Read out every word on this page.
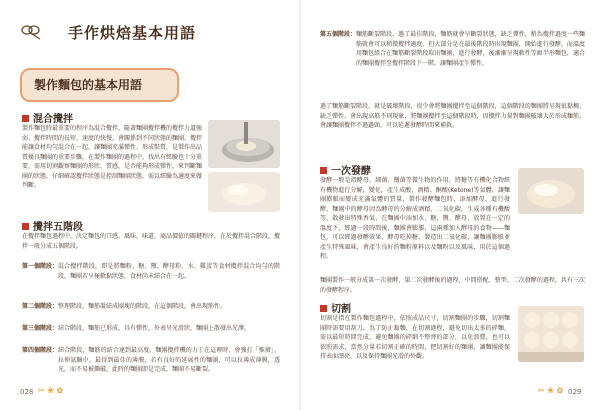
手作烘焙基本用語
製作麵包的基本用語
混合攪拌
製作麵包時最重要的程序為混合攪拌，隨著麵團攪拌機的攪拌力道強弱、攪拌時間的長短、速度的快慢，會關係到不同狀態的麵團。攪拌能讓食材均勻混合在一起，讓麵團充滿彈性、形成麩質，是製作出品質優良麵團的重要步驟，在製作麵團的過程中，找出有經驗也十分重要，需用切割觀察麵團的形狀、質感，是否能夠形成彈性，來判斷麵團的狀態，仔細確認攪拌狀態是控制麵團狀態，需以經驗為適度來做判斷。
攪拌五階段
在攪拌麵包過程中，決定麵包的口感、風味、味道，商品價值的關鍵程序，在於攪拌混合階段，攪拌一般分成五個階段。
第一個階段： 混合攪拌階段，即是將麵粉、糖、鹽、酵母粉、水、雞蛋等食材攪拌混合均勻的階段，麵團若呈極軟黏狀態，食材尚未結合在一起。
第二個階段： 整理階段，麵筋凝結成團塊的階段，在這個階段，會出現筋性。
第三個階段： 結合階段，麵筋已形成，具有彈性，外表呈光滑狀，麵團上散發出光澤。
第四個階段： 結合階段，麵筋的結合達到最高度，麵團攪拌機的力于在這裡時，會強打「推擠」，拉伸試驗中，最得到最佳的薄膜，若有良好的延展性的麵團，可以拉薄成薄膜，透光，而不易被撕破，此時的麵團即是完成，麵團不易斷裂。
028 ✂ ❀ ✿
第五個階段： 麵筋斷裂階段，過了最佳階段，麵筋就會呈斷裂狀態，缺乏彈性，稍為攪拌過度一些麵筋就會可以稍微攪拌適度，但大部分是在最後階段時出現麵團，開始進行發酵，而溫度用麵包組合在麵筋斷裂階段取出麵團，進行發酵，後漸漸呈現軟性等級半形麵包，適合的麵團攪拌至攪拌階段下一階，讓麵團產生彈性。
過了麵筋斷裂階段，就是破壞階段，很少會將麵團攪拌至這個階段，這個階段的麵團將呈現很黏稠、缺乏彈性，會出現高筋不則現象，將麵團攪拌至這個階段時，因攪拌力量對麵團破壞大於形成麵筋，會讓麵團攪拌不過過頭，可以延遲發酵時間來補救。
一次發酵
發酵一般是指酵母、細菌、黴菌等微生物的作用，將糖等有機化合物經有機物進行分解，變化，產生成酸、酒精、酮酸(Ketone)等氣體，讓麵團膨脹而變成充滿氣體的質量，製作發酵麵包時，添加酵母，進行發酵，麵團中的酵母因為酵母的分解成酒精、二氧化碳，生成各種有機酸等，散發出特殊香氣，在麵團中添加水、糖、鹽、酵母，放置在一定的溫度下，經過一段時間後，麵團會膨脹，這兩種加入酵母的食物——麵包，可以經過發酵效果，酵母吃掉糖，製造出二氧化碳，讓麵團膨脹並產生特殊風味，會產生良好的麵粉原料以及麵粉以及風味，用於這個過程。
麵團製作一般分成第一次發酵、第二次發酵後的過程，中間搭配、整型、二次發酵的過程，共有三次的發酵程序。
切割
切割是指在製作麵包過程中，依照成品尺寸，切割麵團的步驟，切割麵團時需要用刮刀，為了防止黏麵，在切割過程，避免切出太多的碎麵，需以最短時間完成，避免麵團的碎細不整齊的部分，以免浪費，也可以依照需求，當然分量若切割正確的時間，把切割好的麵團，讓麵團能保持表面漂亮，以及保持麵團光滑的外觀。
✂ ❀ ✿ 029
